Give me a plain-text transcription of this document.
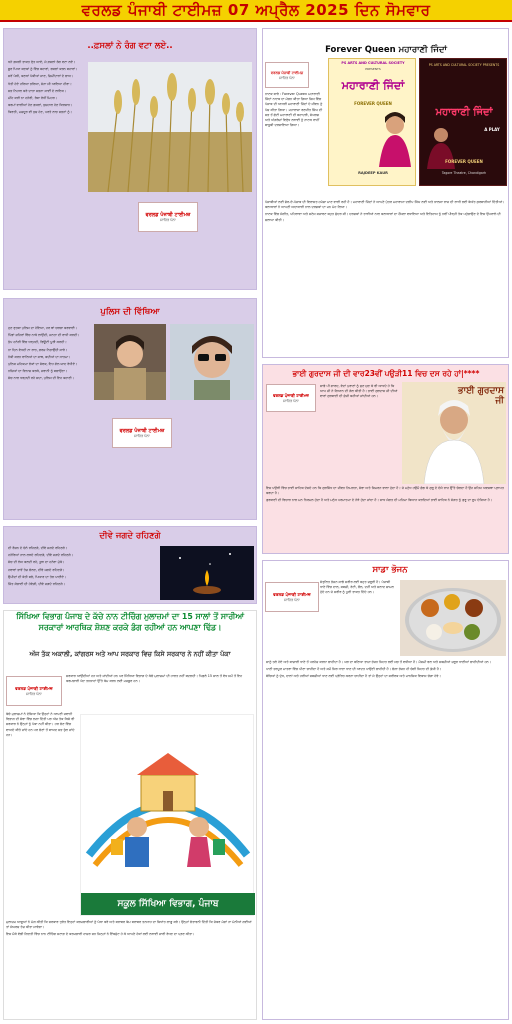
ਵਰਲਡ ਪੰਜਾਬੀ ਟਾਈਮਜ਼ 07 ਅਪ੍ਰੈਲ 2025 ਦਿਨ ਸੋਮਵਾਰ
..ਫ਼ਸਲਾਂ ਨੇ ਰੰਗ ਵਟਾ ਲਏ..

ਧਨੇ ਫ਼ਸਲੀ ਤਾਕਤ ਰੁੱਤ ਆਏ, ਜੋ ਫ਼ਸਲਾਂ ਰੰਗ ਵਟਾ ਲਏ।

ਬੂਰ ਪਿਆ ਕਣਕਾਂ ਨੂੰ ਵਿੱਚ ਬਹਾਰਾਂ, ਫਸਲਾਂ ਕਰਨ ਬਹਾਰਾਂ।

ਸਰੋਂ ਪੱਕੀ, ਕਣਕਾਂ ਪੱਕੀਆਂ ਜਾਣ, ਜ਼ਿਮੀਂਦਾਰਾਂ ਦੇ ਚਾਅ।

ਖੇਤੀ ਹੋਏ ਹਰਿਆ ਭਰਿਆ, ਸੋਨਾ ਸੀ ਆਇਆ ਹੀਰਾ।

ਸਭ ਨਿਹਾਲ ਕਰੇ ਦਾਤਾ ਸਭਨਾ ਸਾਈਂ ਦੇ ਲਾਇਕ।

ਮੀਂਹ ਕਰੀ ਨਾ ਹਨੇਰੀ, ਰੱਬਾ ਰੱਖੀਂ ਮਿਹਰ।

ਕਰਮਾਂ ਵਾਲੀਆਂ ਹੋਣ ਫ਼ਸਲਾਂ, ਖ਼ੁਸ਼ਹਾਲ ਹੋਣ ਕਿਰਸਾਨ।

ਕਿਰਤੀ, ਮਜ਼ਦੂਰ ਵੀ ਖ਼ੁਸ਼ ਹੋਣ, ਪਰਤੇ ਲਾਭ ਸਭਨਾਂ ਨੂੰ।

ਵਰਲਡ ਪੰਜਾਬੀ ਟਾਈਮਜ਼
ਸਾਹਿਤ ਪੰਨਾ
ਪੁਲਿਸ ਦੀ ਵਿੱਥਿਆ

ਹੁਣ ਰੁਤਬਾ ਪੁਲਿਸ ਦਾ ਹੋਇਆ, ਹਰ ਥਾਂ ਚਰਚਾ ਕਰਵਾਈ।

ਪਿੰਡਾਂ ਸ਼ਹਿਰਾਂ ਵਿੱਚ ਨਾਕੇ ਲਾਉਂਦੀ, ਜਨਤਾ ਦੀ ਰਾਖੀ ਕਰਦੀ।

ਧੁੱਪ ਹਨੇਰੀ ਵਿੱਚ ਖੜ੍ਹਦੀ, ਡਿਊਟੀ ਪੂਰੀ ਕਰਦੀ।

ਨਾ ਦਿਨ ਵੇਖਦੀ ਨਾ ਰਾਤ, ਫ਼ਰਜ਼ ਨਿਭਾਉਂਦੀ ਸਾਰੇ।

ਨੇਕੀ ਕਰਨ ਵਾਲਿਆਂ ਦਾ ਸਾਥ, ਬਦੀਆਂ ਦਾ ਖ਼ਾਤਮਾ।

ਪੁਲਿਸ ਮਹਿਕਮਾ ਲੋਕਾਂ ਦਾ ਸੇਵਕ, ਇਹ ਗੱਲ ਯਾਦ ਰੱਖੀਏ।

ਨਸ਼ਿਆਂ ਦਾ ਵਿਨਾਸ਼ ਕਰਕੇ, ਜਵਾਨੀ ਨੂੰ ਬਚਾਉਣਾ।

ਸੱਚ ਨਾਲ ਖੜ੍ਹਦੀ ਰਹੇ ਸਦਾ, ਪੁਲਿਸ ਦੀ ਇਹ ਕਹਾਣੀ।

ਵਰਲਡ ਪੰਜਾਬੀ ਟਾਈਮਜ਼
ਸਾਹਿਤ ਪੰਨਾ
ਦੀਵੇ ਜਗਦੇ ਰਹਿਣਗੇ

ਦੀ ਰੌਸ਼ਨ ਦੇ ਚੰਨੇ ਰਹਿਣਗੇ, ਦੀਵੇ ਜਗਦੇ ਰਹਿਣਗੇ।

ਹਨੇਰਿਆਂ ਨਾਲ ਲੜਦੇ ਰਹਿਣਗੇ, ਦੀਵੇ ਜਗਦੇ ਰਹਿਣਗੇ।

ਸੱਚ ਦੀ ਲੋਅ ਬਲਦੀ ਰਹੇ, ਕੂੜ ਦਾ ਹਨੇਰਾ ਮੁੱਕੇ।

ਹਵਾਵਾਂ ਭਾਵੇਂ ਤੇਜ਼ ਚੱਲਣ, ਦੀਵੇ ਜਗਦੇ ਰਹਿਣਗੇ।

ਉਮੀਦਾਂ ਦੀ ਬੱਤੀ ਬਲੇ, ਪਿਆਰ ਦਾ ਤੇਲ ਪਾਈਏ।

ਜਿੱਤ ਸੱਚਾਈ ਦੀ ਹੋਵੇਗੀ, ਦੀਵੇ ਜਗਦੇ ਰਹਿਣਗੇ।

Forever Queen ਮਹਾਰਾਣੀ ਜਿੰਦਾਂ
ਵਰਲਡ ਪੰਜਾਬੀ ਟਾਈਮਜ਼
ਸਾਹਿਤ ਪੰਨਾ

ਨਾਟਕ ਬਾਰੇ : Forever Queen ਮਹਾਰਾਣੀ ਜਿੰਦਾਂ ਨਾਟਕ ਦਾ ਮੰਚਨ ਕੀਤਾ ਗਿਆ ਜਿਸ ਵਿੱਚ ਪੰਜਾਬ ਦੀ ਆਖ਼ਰੀ ਮਹਾਰਾਣੀ ਜਿੰਦਾਂ ਦੇ ਜੀਵਨ ਨੂੰ ਪੇਸ਼ ਕੀਤਾ ਗਿਆ। ਮਹਾਰਾਜਾ ਰਣਜੀਤ ਸਿੰਘ ਦੀ ਸਭ ਤੋਂ ਛੋਟੀ ਮਹਾਰਾਣੀ ਦੀ ਬਹਾਦਰੀ, ਸੰਘਰਸ਼ ਅਤੇ ਅੰਗਰੇਜ਼ਾਂ ਵਿਰੁੱਧ ਲੜਾਈ ਨੂੰ ਨਾਟਕ ਰਾਹੀਂ ਬਾਖ਼ੂਬੀ ਦਰਸਾਇਆ ਗਿਆ।

PS ARTS AND CULTURAL SOCIETY
PRESENTS
ਮਹਾਰਾਣੀ ਜਿੰਦਾਂ
FOREVER QUEEN
RAJDEEP KAUR
PS ARTS AND CULTURAL SOCIETY PRESENTS
ਮਹਾਰਾਣੀ ਜਿੰਦਾਂ
A PLAY
FOREVER QUEEN
Tagore Theatre, Chandigarh

ਪੰਜਾਬੀਆਂ ਲਈ ਸ਼ੇਰ-ਏ-ਪੰਜਾਬ ਦੀ ਵਿਰਾਸਤ ਹਮੇਸ਼ਾ ਮਾਣ ਵਾਲੀ ਰਹੀ ਹੈ। ਮਹਾਰਾਣੀ ਜਿੰਦਾਂ ਨੇ ਆਪਣੇ ਪੁੱਤਰ ਮਹਾਰਾਜਾ ਦਲੀਪ ਸਿੰਘ ਲਈ ਅਤੇ ਖ਼ਾਲਸਾ ਰਾਜ ਦੀ ਰਾਖੀ ਲਈ ਬੇਅੰਤ ਕੁਰਬਾਨੀਆਂ ਦਿੱਤੀਆਂ। ਕਲਾਕਾਰਾਂ ਨੇ ਆਪਣੀ ਅਦਾਕਾਰੀ ਨਾਲ ਦਰਸ਼ਕਾਂ ਦਾ ਮਨ ਮੋਹ ਲਿਆ।

ਨਾਟਕ ਵਿੱਚ ਸੰਗੀਤ, ਪਹਿਰਾਵਾ ਅਤੇ ਸਟੇਜ ਸਜਾਵਟ ਬਹੁਤ ਸੁੰਦਰ ਸੀ। ਦਰਸ਼ਕਾਂ ਨੇ ਤਾੜੀਆਂ ਨਾਲ ਕਲਾਕਾਰਾਂ ਦਾ ਹੌਂਸਲਾ ਵਧਾਇਆ ਅਤੇ ਇਤਿਹਾਸ ਨੂੰ ਨਵੀਂ ਪੀੜ੍ਹੀ ਤੱਕ ਪਹੁੰਚਾਉਣ ਦੇ ਇਸ ਉਪਰਾਲੇ ਦੀ ਸ਼ਲਾਘਾ ਕੀਤੀ।

ਭਾਈ ਗੁਰਦਾਸ ਜੀ ਦੀ ਵਾਰ23ਵੀਂ ਪਉੜੀ11 ਵਿਚ ਦਸ ਰਹੇ ਹਾਂ|****
ਵਰਲਡ ਪੰਜਾਬੀ ਟਾਈਮਜ਼
ਸਾਹਿਤ ਪੰਨਾ

ਸਾਡੇ ਪੀ ਗਾਰਦ, ਵੇਦਾਂ ਪੁਰਾਣਾਂ ਨੂੰ ਸੁਣ ਸੁਣ ਕੇ ਵੀ ਆਖਦੇ ਹੋ ਕਿ ਆਪ ਜੀ ਨੇ ਗਿਆਨ ਦੀ ਗੱਲ ਕੀਤੀ ਹੈ। ਭਾਈ ਗੁਰਦਾਸ ਜੀ ਦੀਆਂ ਵਾਰਾਂ ਗੁਰਬਾਣੀ ਦੀ ਕੁੰਜੀ ਕਹੀਆਂ ਜਾਂਦੀਆਂ ਹਨ।

ਭਾਈ ਗੁਰਦਾਸ ਜੀ

ਇਸ ਪਉੜੀ ਵਿੱਚ ਭਾਈ ਸਾਹਿਬ ਦੱਸਦੇ ਹਨ ਕਿ ਗੁਰਸਿੱਖ ਦਾ ਜੀਵਨ ਨਿਮਰਤਾ, ਸੇਵਾ ਅਤੇ ਸਿਮਰਨ ਵਾਲਾ ਹੁੰਦਾ ਹੈ। ਜੋ ਮਨੁੱਖ ਹਉਮੈ ਛੱਡ ਕੇ ਗੁਰੂ ਦੇ ਦੱਸੇ ਰਾਹ ਉੱਤੇ ਚੱਲਦਾ ਹੈ ਉਹ ਸਹਿਜ ਅਵਸਥਾ ਪ੍ਰਾਪਤ ਕਰਦਾ ਹੈ।

ਗੁਰਬਾਣੀ ਦੀ ਵਿਚਾਰ ਨਾਲ ਮਨ ਨਿਰਮਲ ਹੁੰਦਾ ਹੈ ਅਤੇ ਮਨੁੱਖ ਪਰਮਾਤਮਾ ਦੇ ਨੇੜੇ ਹੁੰਦਾ ਜਾਂਦਾ ਹੈ। ਸਾਧ ਸੰਗਤ ਦੀ ਮਹਿਮਾ ਬਿਆਨ ਕਰਦਿਆਂ ਭਾਈ ਸਾਹਿਬ ਨੇ ਸੰਗਤ ਨੂੰ ਗੁਰੂ ਦਾ ਰੂਪ ਦੱਸਿਆ ਹੈ।

ਸਾਡਾ ਭੋਜਨ
ਵਰਲਡ ਪੰਜਾਬੀ ਟਾਈਮਜ਼
ਸਾਹਿਤ ਪੰਨਾ

ਸੰਤੁਲਿਤ ਭੋਜਨ ਸਾਡੇ ਸਰੀਰ ਲਈ ਬਹੁਤ ਜ਼ਰੂਰੀ ਹੈ। ਪੰਜਾਬੀ ਖਾਣੇ ਵਿੱਚ ਦਾਲ, ਸਬਜ਼ੀ, ਰੋਟੀ, ਚੌਲ, ਦਹੀਂ ਅਤੇ ਸਲਾਦ ਸ਼ਾਮਲ ਹੁੰਦੇ ਹਨ ਜੋ ਸਰੀਰ ਨੂੰ ਪੂਰੀ ਤਾਕਤ ਦਿੰਦੇ ਹਨ।

ਸਾਨੂੰ ਤਲੇ ਹੋਏ ਅਤੇ ਬਾਜ਼ਾਰੀ ਖਾਣੇ ਤੋਂ ਪਰਹੇਜ਼ ਕਰਨਾ ਚਾਹੀਦਾ ਹੈ। ਘਰ ਦਾ ਬਣਿਆ ਤਾਜ਼ਾ ਭੋਜਨ ਸਿਹਤ ਲਈ ਸਭ ਤੋਂ ਵਧੀਆ ਹੈ। ਮੌਸਮੀ ਫਲ ਅਤੇ ਸਬਜ਼ੀਆਂ ਜ਼ਰੂਰ ਖਾਣੀਆਂ ਚਾਹੀਦੀਆਂ ਹਨ।

ਪਾਣੀ ਭਰਪੂਰ ਮਾਤਰਾ ਵਿੱਚ ਪੀਣਾ ਚਾਹੀਦਾ ਹੈ ਅਤੇ ਸਮੇਂ ਸਿਰ ਖਾਣਾ ਖਾਣ ਦੀ ਆਦਤ ਪਾਉਣੀ ਚਾਹੀਦੀ ਹੈ। ਚੰਗਾ ਭੋਜਨ ਹੀ ਚੰਗੀ ਸਿਹਤ ਦੀ ਕੁੰਜੀ ਹੈ।

ਬੱਚਿਆਂ ਨੂੰ ਦੁੱਧ, ਦਾਲਾਂ ਅਤੇ ਹਰੀਆਂ ਸਬਜ਼ੀਆਂ ਖਾਣ ਲਈ ਪ੍ਰੇਰਿਤ ਕਰਨਾ ਚਾਹੀਦਾ ਹੈ ਤਾਂ ਜੋ ਉਨ੍ਹਾਂ ਦਾ ਸਰੀਰਕ ਅਤੇ ਮਾਨਸਿਕ ਵਿਕਾਸ ਚੰਗਾ ਹੋਵੇ।

ਸਿੱਖਿਆ ਵਿਭਾਗ ਪੰਜਾਬ ਦੇ ਕੱਚੇ ਨਾਨ ਟੀਚਿੰਗ ਮੁਲਾਜ਼ਮਾਂ ਦਾ 15 ਸਾਲਾਂ ਤੋਂ ਸਾਰੀਆਂ ਸਰਕਾਰਾਂ ਆਰਥਿਕ ਸ਼ੋਸ਼ਣ ਕਰਕੇ ਡੰਗ ਰਹੀਆਂ ਹਨ ਆਪਣਾ ਢਿੱਡ।
ਅੱਜ ਤੱਕ ਅਕਾਲੀ, ਕਾਂਗਰਸ ਅਤੇ ਆਪ ਸਰਕਾਰ ਵਿਚ ਕਿਸੇ ਸਰਕਾਰ ਨੇ ਨਹੀਂ ਕੀਤਾ ਪੱਕਾ
ਵਰਲਡ ਪੰਜਾਬੀ ਟਾਈਮਜ਼
ਸਾਹਿਤ ਪੰਨਾ

ਸਰਕਾਰ ਆਉਂਦੀਆਂ ਹਨ ਅਤੇ ਜਾਂਦੀਆਂ ਹਨ ਪਰ ਸਿੱਖਿਆ ਵਿਭਾਗ ਦੇ ਕੱਚੇ ਮੁਲਾਜ਼ਮਾਂ ਦੀ ਹਾਲਤ ਨਹੀਂ ਬਦਲਦੀ। ਪਿਛਲੇ 15 ਸਾਲ ਤੋਂ ਵੱਧ ਸਮੇਂ ਤੋਂ ਇਹ ਕਰਮਚਾਰੀ ਘੱਟ ਤਨਖ਼ਾਹਾਂ ਉੱਤੇ ਕੰਮ ਕਰਨ ਲਈ ਮਜਬੂਰ ਹਨ।

ਕੱਚੇ ਮੁਲਾਜ਼ਮਾਂ ਨੇ ਦੱਸਿਆ ਕਿ ਉਨ੍ਹਾਂ ਨੇ ਆਪਣੀ ਜਵਾਨੀ ਵਿਭਾਗ ਦੀ ਸੇਵਾ ਵਿੱਚ ਲਗਾ ਦਿੱਤੀ ਪਰ ਅੱਜ ਤੱਕ ਕਿਸੇ ਵੀ ਸਰਕਾਰ ਨੇ ਉਨ੍ਹਾਂ ਨੂੰ ਪੱਕਾ ਨਹੀਂ ਕੀਤਾ। ਹਰ ਚੋਣ ਵਿੱਚ ਵਾਅਦੇ ਕੀਤੇ ਜਾਂਦੇ ਹਨ ਪਰ ਚੋਣਾਂ ਤੋਂ ਬਾਅਦ ਸਭ ਭੁੱਲ ਜਾਂਦੇ ਹਨ।

ਸਕੂਲ ਸਿੱਖਿਆ ਵਿਭਾਗ, ਪੰਜਾਬ

ਮੁਲਾਜ਼ਮ ਆਗੂਆਂ ਨੇ ਮੰਗ ਕੀਤੀ ਕਿ ਸਰਕਾਰ ਤੁਰੰਤ ਇਨ੍ਹਾਂ ਕਰਮਚਾਰੀਆਂ ਨੂੰ ਪੱਕਾ ਕਰੇ ਅਤੇ ਬਰਾਬਰ ਕੰਮ ਬਰਾਬਰ ਤਨਖ਼ਾਹ ਦਾ ਸਿਧਾਂਤ ਲਾਗੂ ਕਰੇ। ਉਨ੍ਹਾਂ ਚੇਤਾਵਨੀ ਦਿੱਤੀ ਕਿ ਜੇਕਰ ਮੰਗਾਂ ਨਾ ਮੰਨੀਆਂ ਗਈਆਂ ਤਾਂ ਸੰਘਰਸ਼ ਤੇਜ਼ ਕੀਤਾ ਜਾਵੇਗਾ।

ਇਸ ਮੌਕੇ ਵੱਡੀ ਗਿਣਤੀ ਵਿੱਚ ਨਾਨ ਟੀਚਿੰਗ ਸਟਾਫ਼ ਦੇ ਕਰਮਚਾਰੀ ਹਾਜ਼ਰ ਸਨ ਜਿਨ੍ਹਾਂ ਨੇ ਇੱਕਜੁੱਟ ਹੋ ਕੇ ਆਪਣੇ ਹੱਕਾਂ ਲਈ ਲੜਾਈ ਜਾਰੀ ਰੱਖਣ ਦਾ ਪ੍ਰਣ ਕੀਤਾ।
